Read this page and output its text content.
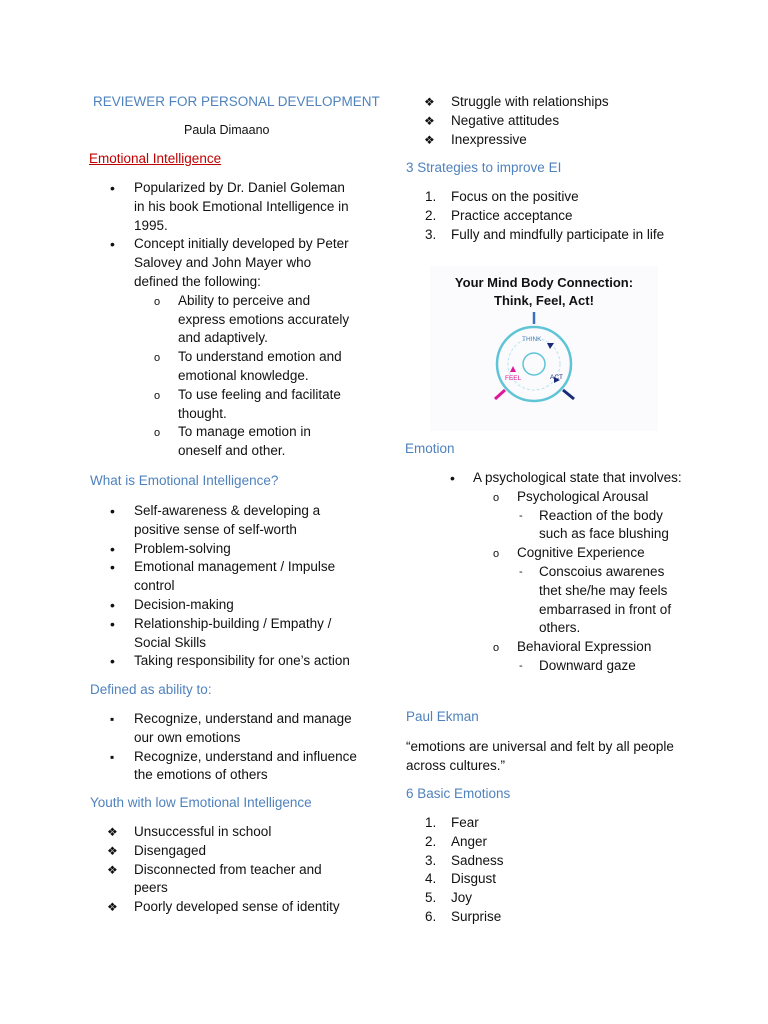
REVIEWER FOR PERSONAL DEVELOPMENT
Paula Dimaano
Emotional Intelligence
• Popularized by Dr. Daniel Goleman in his book Emotional Intelligence in 1995.
• Concept initially developed by Peter Salovey and John Mayer who defined the following:
o Ability to perceive and express emotions accurately and adaptively.
o To understand emotion and emotional knowledge.
o To use feeling and facilitate thought.
o To manage emotion in oneself and other.
What is Emotional Intelligence?
• Self-awareness & developing a positive sense of self-worth
• Problem-solving
• Emotional management / Impulse control
• Decision-making
• Relationship-building / Empathy / Social Skills
• Taking responsibility for one’s action
Defined as ability to:
▪ Recognize, understand and manage our own emotions
▪ Recognize, understand and influence the emotions of others
Youth with low Emotional Intelligence
❖ Unsuccessful in school
❖ Disengaged
❖ Disconnected from teacher and peers
❖ Poorly developed sense of identity
❖ Struggle with relationships
❖ Negative attitudes
❖ Inexpressive
3 Strategies to improve EI
1. Focus on the positive
2. Practice acceptance
3. Fully and mindfully participate in life
Your Mind Body Connection:
Think, Feel, Act!
THINK
FEEL	ACT
Emotion
• A psychological state that involves:
o Psychological Arousal
- Reaction of the body such as face blushing
o Cognitive Experience
- Conscoius awarenes thet she/he may feels embarrased in front of others.
o Behavioral Expression
- Downward gaze
Paul Ekman
“emotions are universal and felt by all people across cultures.”
6 Basic Emotions
1. Fear
2. Anger
3. Sadness
4. Disgust
5. Joy
6. Surprise
